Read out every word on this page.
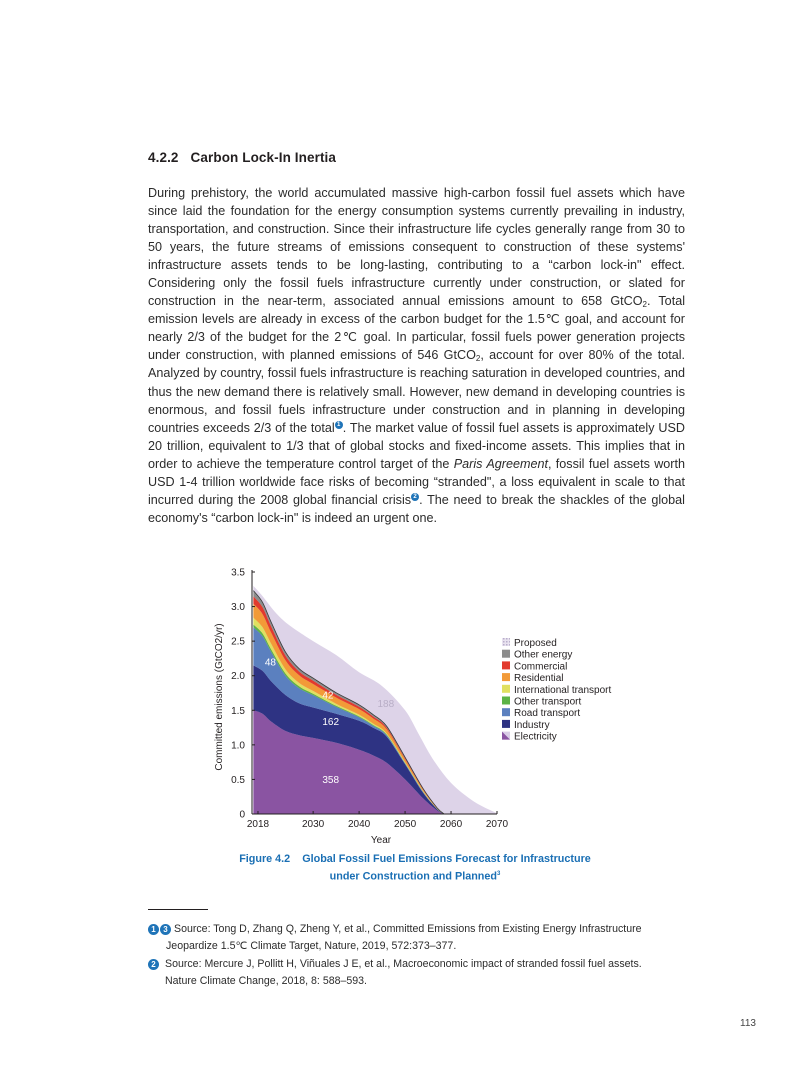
4.2.2 Carbon Lock-In Inertia
During prehistory, the world accumulated massive high-carbon fossil fuel assets which have since laid the foundation for the energy consumption systems currently prevailing in industry, transportation, and construction. Since their infrastructure life cycles generally range from 30 to 50 years, the future streams of emissions consequent to construction of these systems' infrastructure assets tends to be long-lasting, contributing to a “carbon lock-in" effect. Considering only the fossil fuels infrastructure currently under construction, or slated for construction in the near-term, associated annual emissions amount to 658 GtCO$_2$. Total emission levels are already in excess of the carbon budget for the 1.5℃ goal, and account for nearly 2/3 of the budget for the 2℃ goal. In particular, fossil fuels power generation projects under construction, with planned emissions of 546 GtCO$_2$, account for over 80% of the total. Analyzed by country, fossil fuels infrastructure is reaching saturation in developed countries, and thus the new demand there is relatively small. However, new demand in developing countries is enormous, and fossil fuels infrastructure under construction and in planning in developing countries exceeds 2/3 of the total 1 . The market value of fossil fuel assets is approximately USD 20 trillion, equivalent to 1/3 that of global stocks and fixed-income assets. This implies that in order to achieve the temperature control target of the Paris Agreement, fossil fuel assets worth USD 1-4 trillion worldwide face risks of becoming “stranded", a loss equivalent in scale to that incurred during the 2008 global financial crisis 2 . The need to break the shackles of the global economy's “carbon lock-in" is indeed an urgent one.
0
0.5
1.0
1.5
2.0
2.5
3.0
3.5
2018	2030 2040 2050 2060 2070
48
42
188
162
358
Proposed
Other energy
Commercial
Residential
International transport
Other transport
Road transport
Industry
Electricity
Committed emissions (GtCO2/yr)
Year
Figure 4.2 Global Fossil Fuel Emissions Forecast for Infrastructure
under Construction and Planned$^3$
1 3 Source: Tong D, Zhang Q, Zheng Y, et al., Committed Emissions from Existing Energy Infrastructure
Jeopardize 1.5℃ Climate Target, Nature, 2019, 572:373–377.
2 Source: Mercure J, Pollitt H, Viñuales J E, et al., Macroeconomic impact of stranded fossil fuel assets.
Nature Climate Change, 2018, 8: 588–593.
113
